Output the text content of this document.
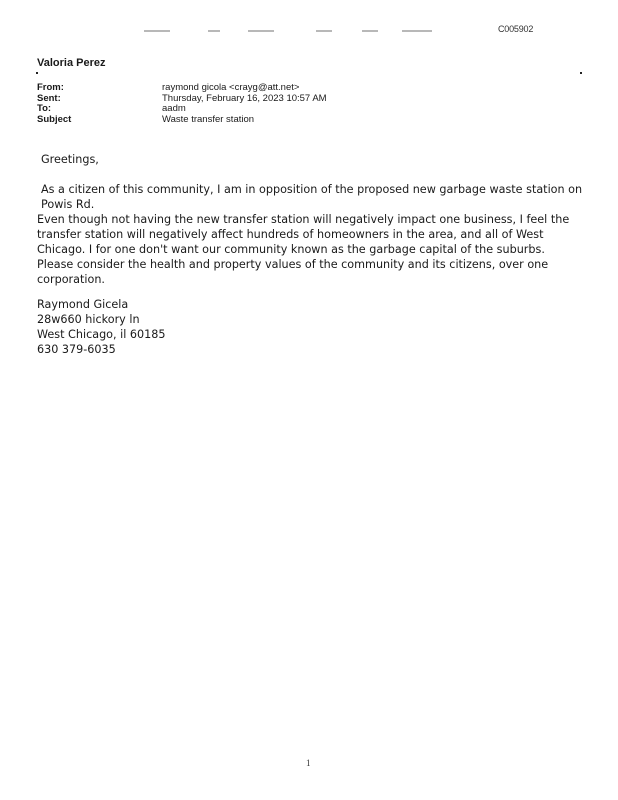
C005902
Valoria Perez
From:	raymond gicola <crayg@att.net>
Sent:	Thursday, February 16, 2023 10:57 AM
To:	aadm
Subject	Waste transfer station

Greetings,

As a citizen of this community, I am in opposition of the proposed new garbage waste station on Powis Rd.

Even though not having the new transfer station will negatively impact one business, I feel the transfer station will negatively affect hundreds of homeowners in the area, and all of West Chicago. I for one don't want our community known as the garbage capital of the suburbs.  Please consider the health and property values of the community and its citizens, over one corporation.

Raymond Gicela
28w660 hickory ln
West Chicago, il 60185
630 379-6035
1
